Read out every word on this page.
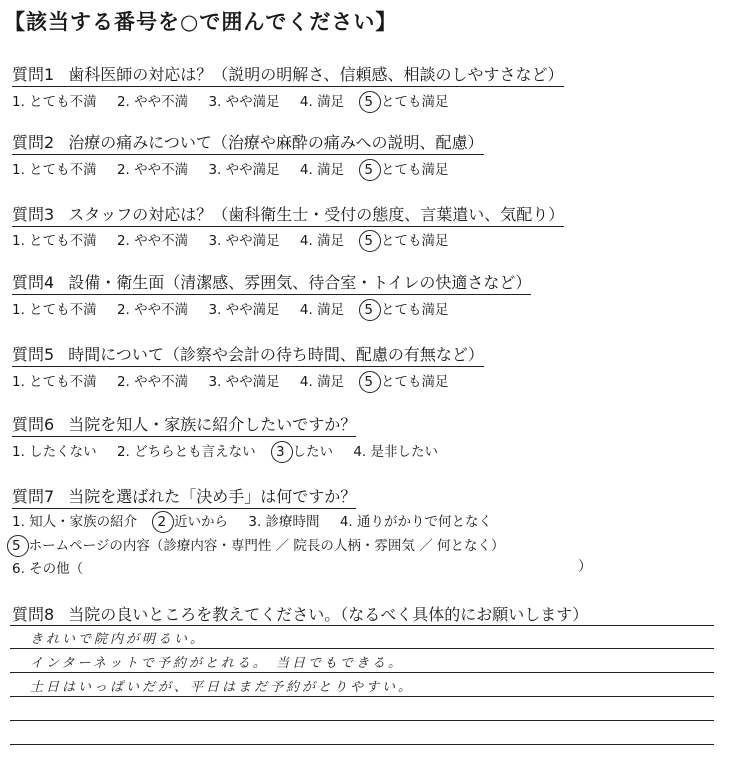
【該当する番号を○で囲んでください】
質問1 歯科医師の対応は？（説明の明解さ、信頼感、相談のしやすさなど）
1. とても不満 2. やや不満 3. やや満足 4. 満足 5 とても満足
質問2 治療の痛みについて（治療や麻酔の痛みへの説明、配慮）
1. とても不満 2. やや不満 3. やや満足 4. 満足 5 とても満足
質問3 スタッフの対応は？（歯科衛生士・受付の態度、言葉遣い、気配り）
1. とても不満 2. やや不満 3. やや満足 4. 満足 5 とても満足
質問4 設備・衛生面（清潔感、雰囲気、待合室・トイレの快適さなど）
1. とても不満 2. やや不満 3. やや満足 4. 満足 5 とても満足
質問5 時間について（診察や会計の待ち時間、配慮の有無など）
1. とても不満 2. やや不満 3. やや満足 4. 満足 5 とても満足
質問6 当院を知人・家族に紹介したいですか？
1. したくない 2. どちらとも言えない 3 したい 4. 是非したい
質問7 当院を選ばれた「決め手」は何ですか？
1. 知人・家族の紹介 2 近いから 3. 診療時間 4. 通りがかりで何となく
5 ホームページの内容（診療内容・専門性 ／ 院長の人柄・雰囲気 ／ 何となく）
6. その他（	）
質問8 当院の良いところを教えてください。（なるべく具体的にお願いします）
きれいで院内が明るい。
インターネットで予約がとれる。 当日でもできる。
土日はいっぱいだが、平日はまだ予約がとりやすい。
